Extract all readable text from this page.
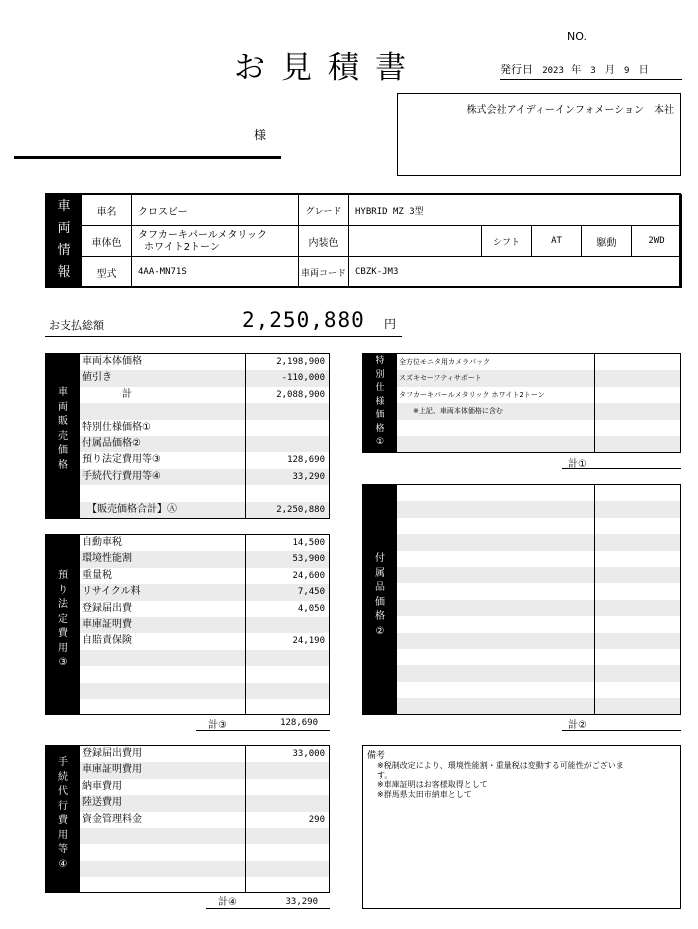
NO.
お見積書	発行日 2023 年 3 月 9 日
株式会社アイディーインフォメーション　本社
様
車
両
情
報
車名	クロスビー	グレード	HYBRID MZ 3型				
車体色	タフカーキパールメタリック
ホワイト2トーン	内装色		シフト	AT	駆動	2WD
型式	4AA-MN71S	車両コード	CBZK-JM3				
お支払総額	2,250,880 円
車
両
販
売
価
格
車両本体価格	2,198,900
値引き	-110,000
　　　　計	2,088,900
特別仕様価格①
付属品価格②
預り法定費用等③	128,690
手続代行費用等④	33,290
　【販売価格合計】Ⓐ	2,250,880
預
り
法
定
費
用
③
自動車税	14,500
環境性能割	53,900
重量税	24,600
リサイクル料	7,450
登録届出費	4,050
車庫証明費
自賠責保険	24,190
計③	128,690
手
続
代
行
費
用
等
④
登録届出費用	33,000
車庫証明費用
納車費用
陸送費用
資金管理料金	290
計④	33,290
特
別
仕
様
価
格
①
全方位モニタ用カメラパック
スズキセーフティサポート
タフカーキパールメタリック ホワイト2トーン
　　※上記、車両本体価格に含む
計①
付
属
品
価
格
②
計②
備考
※税制改定により、環境性能割・重量税は変動する可能性がございま
す。
※車庫証明はお客様取得として
※群馬県太田市納車として
